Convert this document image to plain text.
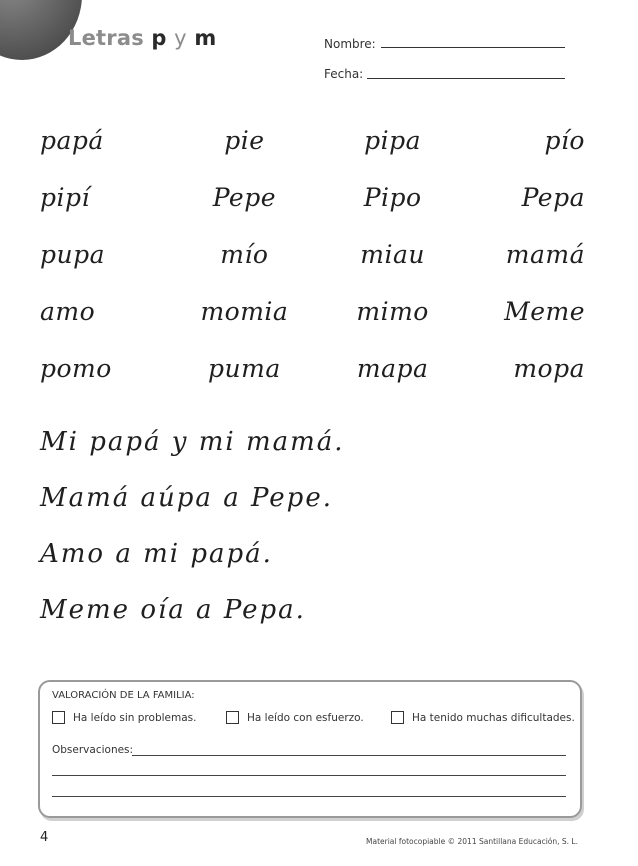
Letras p y m	Nombre:
Fecha:
papá	pie	pipa	pío
pipí	Pepe	Pipo	Pepa
pupa	mío	miau	mamá
amo	momia	mimo	Meme
pomo	puma	mapa	mopa
Mi papá y mi mamá.
Mamá aúpa a Pepe.
Amo a mi papá.
Meme oía a Pepa.
VALORACIÓN DE LA FAMILIA:
Ha leído sin problemas.	Ha leído con esfuerzo.	Ha tenido muchas dificultades.
Observaciones:
4	Material fotocopiable © 2011 Santillana Educación, S. L.
